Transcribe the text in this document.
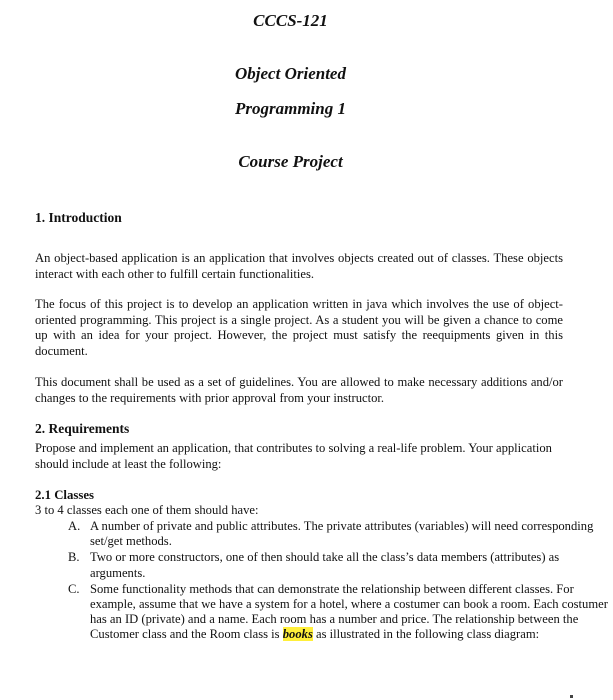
CCCS-121
Object Oriented
Programming 1
Course Project
1. Introduction
An object-based application is an application that involves objects created out of classes. These objects interact with each other to fulfill certain functionalities.
The focus of this project is to develop an application written in java which involves the use of object-oriented programming. This project is a single project. As a student you will be given a chance to come up with an idea for your project. However, the project must satisfy the reequipments given in this document.
This document shall be used as a set of guidelines. You are allowed to make necessary additions and/or changes to the requirements with prior approval from your instructor.
2. Requirements
Propose and implement an application, that contributes to solving a real-life problem. Your application should include at least the following:
2.1 Classes
3 to 4 classes each one of them should have:
A. A number of private and public attributes. The private attributes (variables) will need corresponding set/get methods.
B. Two or more constructors, one of then should take all the class’s data members (attributes) as arguments.
C. Some functionality methods that can demonstrate the relationship between different classes. For example, assume that we have a system for a hotel, where a costumer can book a room. Each costumer has an ID (private) and a name. Each room has a number and price. The relationship between the Customer class and the Room class is books as illustrated in the following class diagram:
